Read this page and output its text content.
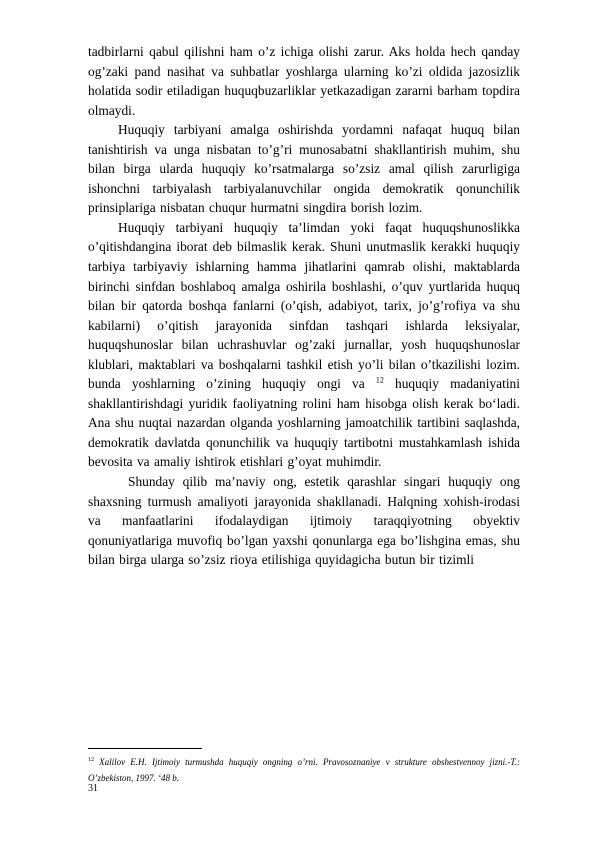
tadbirlarni qabul qilishni ham o’z ichiga olishi zarur. Aks holda hech qanday og’zaki pand nasihat va suhbatlar yoshlarga ularning ko’zi oldida jazosizlik holatida sodir etiladigan huquqbuzarliklar yetkazadigan zararni barham topdira olmaydi.

Huquqiy tarbiyani amalga oshirishda yordamni nafaqat huquq bilan tanishtirish va unga nisbatan to’g’ri munosabatni shakllantirish muhim, shu bilan birga ularda huquqiy ko’rsatmalarga so’zsiz amal qilish zarurligiga ishonchni tarbiyalash tarbiyalanuvchilar ongida demokratik qonunchilik prinsiplariga nisbatan chuqur hurmatni singdira borish lozim.

Huquqiy tarbiyani huquqiy ta’limdan yoki faqat huquqshunoslikka o’qitishdangina iborat deb bilmaslik kerak. Shuni unutmaslik kerakki huquqiy tarbiya tarbiyaviy ishlarning hamma jihatlarini qamrab olishi, maktablarda birinchi sinfdan boshlaboq amalga oshirila boshlashi, o’quv yurtlarida huquq bilan bir qatorda boshqa fanlarni (o’qish, adabiyot, tarix, jo’g’rofiya va shu kabilarni) o’qitish jarayonida sinfdan tashqari ishlarda leksiyalar, huquqshunoslar bilan uchrashuvlar og’zaki jurnallar, yosh huquqshunoslar klublari, maktablari va boshqalarni tashkil etish yo’li bilan o’tkazilishi lozim. bunda yoshlarning o’zining huquqiy ongi va $^{12}$ huquqiy madaniyatini shakllantirishdagi yuridik faoliyatning rolini ham hisobga olish kerak bo‘ladi. Ana shu nuqtai nazardan olganda yoshlarning jamoatchilik tartibini saqlashda, demokratik davlatda qonunchilik va huquqiy tartibotni mustahkamlash ishida bevosita va amaliy ishtirok etishlari g’oyat muhimdir.

Shunday qilib ma’naviy ong, estetik qarashlar singari huquqiy ong shaxsning turmush amaliyoti jarayonida shakllanadi. Halqning xohish-irodasi va manfaatlarini ifodalaydigan ijtimoiy taraqqiyotning obyektiv qonuniyatlariga muvofiq bo’lgan yaxshi qonunlarga ega bo’lishgina emas, shu bilan birga ularga so’zsiz rioya etilishiga quyidagicha butun bir tizimli

$^{12}$ Xalilov E.H. Ijtimoiy turmushda huquqiy ongning o’rni. Pravosoznaniye v strukture obshestvennoy jizni.-T.: O’zbekiston, 1997. ‘48 b.

31
